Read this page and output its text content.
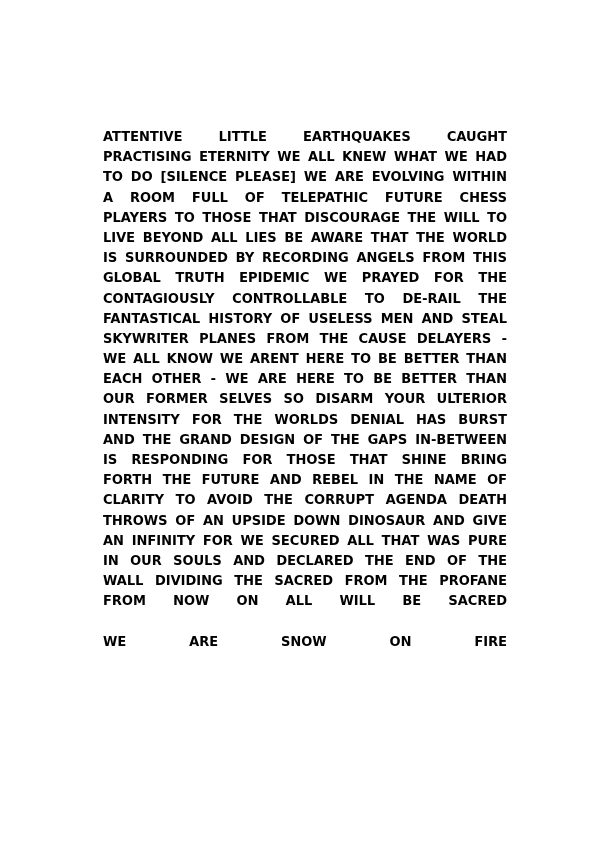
ATTENTIVE LITTLE EARTHQUAKES CAUGHT
PRACTISING ETERNITY WE ALL KNEW WHAT WE HAD
TO DO [SILENCE PLEASE] WE ARE EVOLVING WITHIN
A ROOM FULL OF TELEPATHIC FUTURE CHESS
PLAYERS TO THOSE THAT DISCOURAGE THE WILL TO
LIVE BEYOND ALL LIES BE AWARE THAT THE WORLD
IS SURROUNDED BY RECORDING ANGELS FROM THIS
GLOBAL TRUTH EPIDEMIC WE PRAYED FOR THE
CONTAGIOUSLY CONTROLLABLE TO DE-RAIL THE
FANTASTICAL HISTORY OF USELESS MEN AND STEAL
SKYWRITER PLANES FROM THE CAUSE DELAYERS -
WE ALL KNOW WE ARENT HERE TO BE BETTER THAN
EACH OTHER - WE ARE HERE TO BE BETTER THAN
OUR FORMER SELVES SO DISARM YOUR ULTERIOR
INTENSITY FOR THE WORLDS DENIAL HAS BURST
AND THE GRAND DESIGN OF THE GAPS IN-BETWEEN
IS RESPONDING FOR THOSE THAT SHINE BRING
FORTH THE FUTURE AND REBEL IN THE NAME OF
CLARITY TO AVOID THE CORRUPT AGENDA DEATH
THROWS OF AN UPSIDE DOWN DINOSAUR AND GIVE
AN INFINITY FOR WE SECURED ALL THAT WAS PURE
IN OUR SOULS AND DECLARED THE END OF THE
WALL DIVIDING THE SACRED FROM THE PROFANE
FROM NOW ON ALL WILL BE SACRED
WE ARE SNOW ON FIRE
